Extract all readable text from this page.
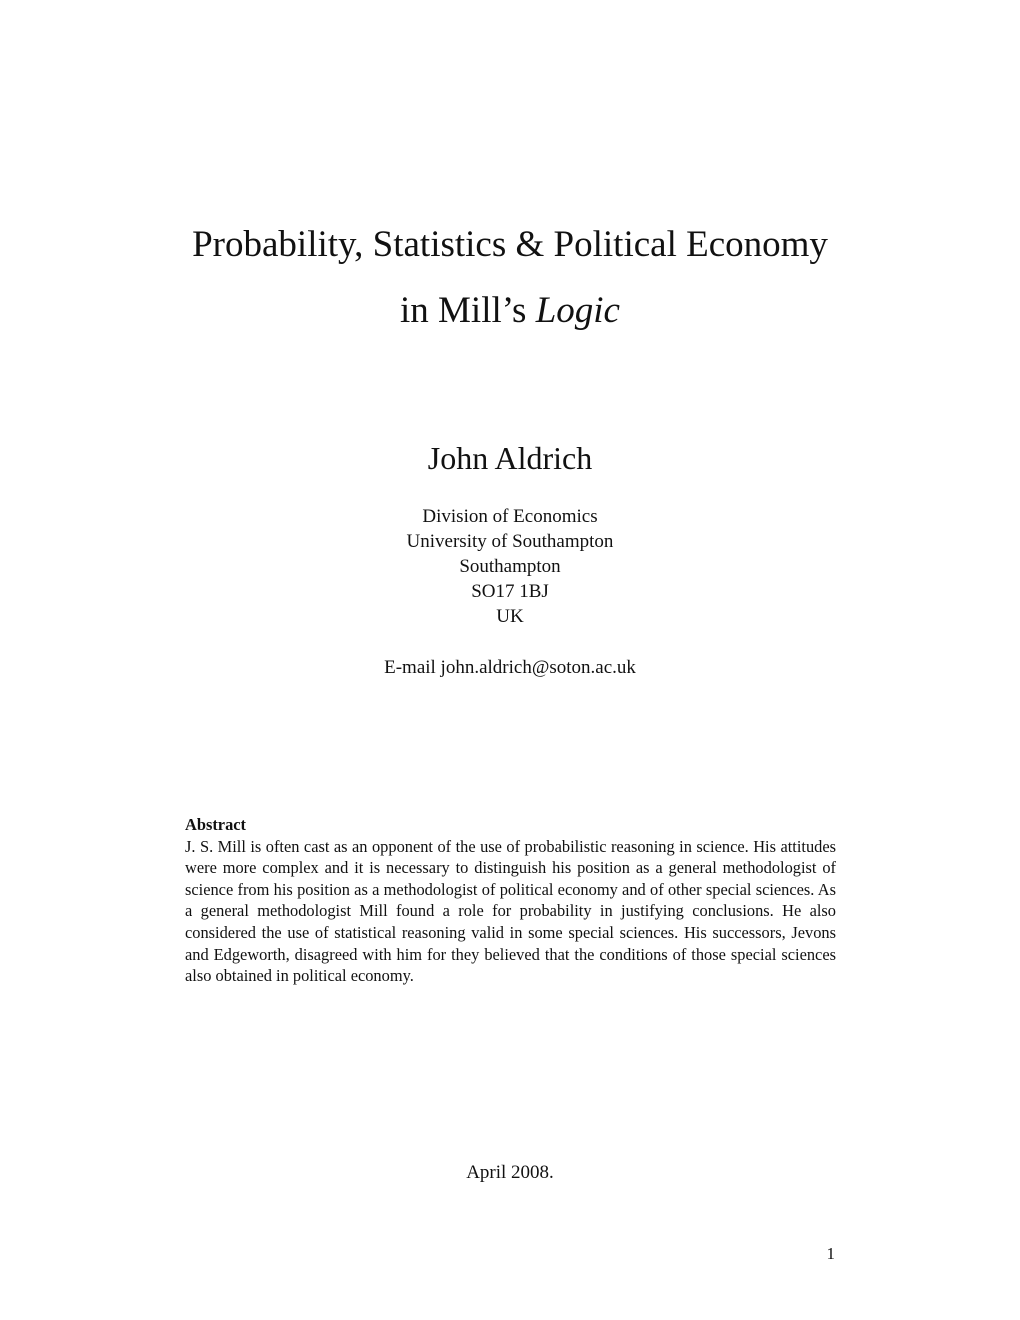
Probability, Statistics & Political Economy
in Mill’s Logic
John Aldrich
Division of Economics
University of Southampton
Southampton
SO17 1BJ
UK
E-mail john.aldrich@soton.ac.uk
Abstract
J. S. Mill is often cast as an opponent of the use of probabilistic reasoning in science. His attitudes were more complex and it is necessary to distinguish his position as a general methodologist of science from his position as a methodologist of political economy and of other special sciences. As a general methodologist Mill found a role for probability in justifying conclusions. He also considered the use of statistical reasoning valid in some special sciences. His successors, Jevons and Edgeworth, disagreed with him for they believed that the conditions of those special sciences also obtained in political economy.
April 2008.
1
